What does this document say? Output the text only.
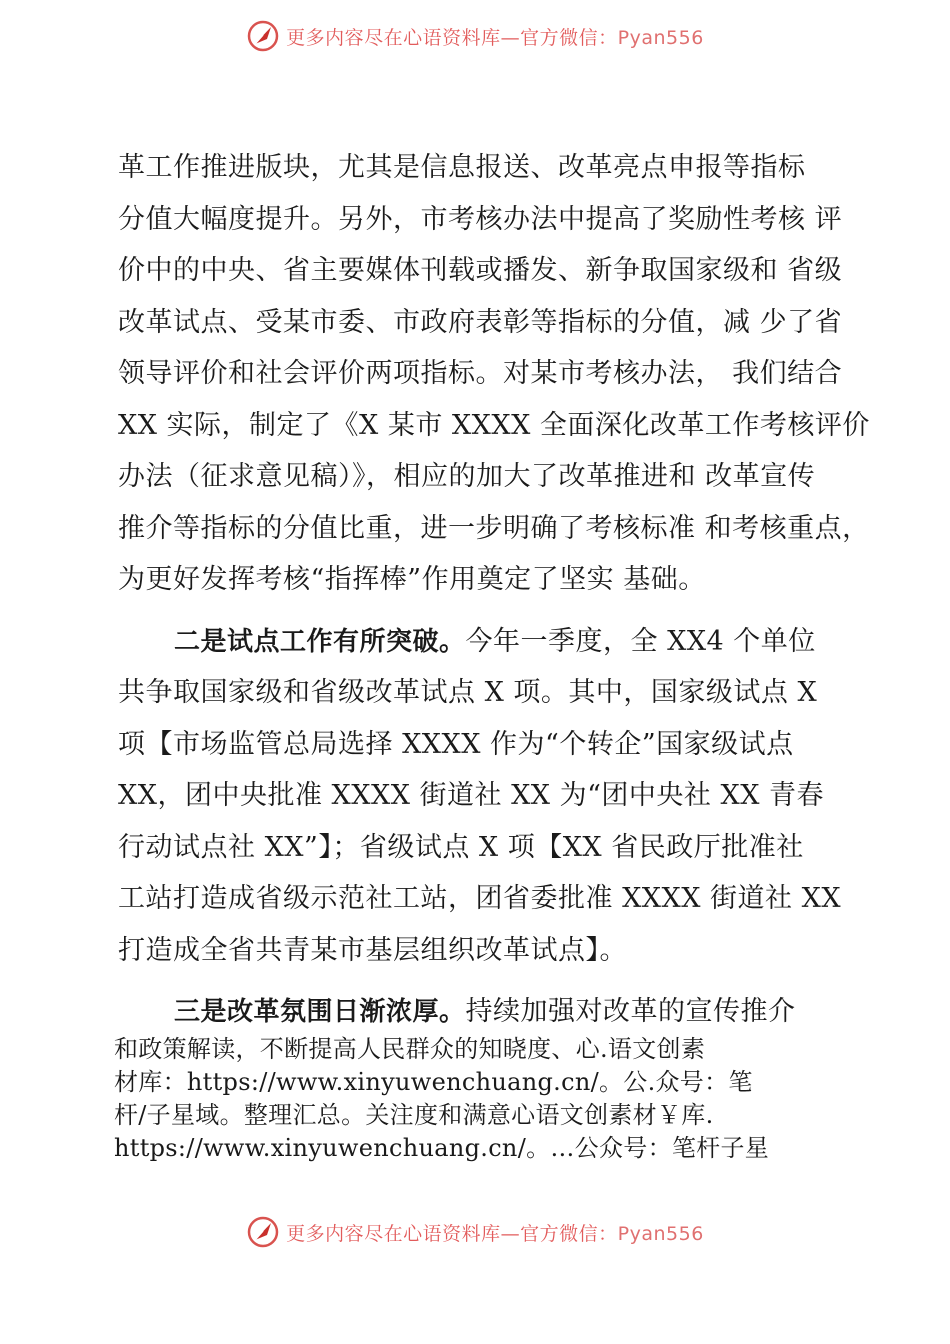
更多内容尽在心语资料库—官方微信：Pyan556
革工作推进版块，尤其是信息报送、改革亮点申报等指标
分值大幅度提升。另外，市考核办法中提高了奖励性考核 评
价中的中央、省主要媒体刊载或播发、新争取国家级和 省级
改革试点、受某市委、市政府表彰等指标的分值，减 少了省
领导评价和社会评价两项指标。对某市考核办法， 我们结合
XX 实际，制定了《X 某市 XXXX 全面深化改革工作考核评价
办法（征求意见稿）》，相应的加大了改革推进和 改革宣传
推介等指标的分值比重，进一步明确了考核标准 和考核重点，
为更好发挥考核“指挥棒”作用奠定了坚实 基础。
二是试点工作有所突破。今年一季度，全 XX4 个单位
共争取国家级和省级改革试点 X 项。其中，国家级试点 X
项【市场监管总局选择 XXXX 作为“个转企”国家级试点
XX，团中央批准 XXXX 街道社 XX 为“团中央社 XX 青春
行动试点社 XX”】；省级试点 X 项【XX 省民政厅批准社
工站打造成省级示范社工站，团省委批准 XXXX 街道社 XX
打造成全省共青某市基层组织改革试点】。
三是改革氛围日渐浓厚。持续加强对改革的宣传推介
和政策解读，不断提高人民群众的知晓度、心.语文创素
材库：https://www.xinyuwenchuang.cn/。公.众号：笔
杆/子星域。整理汇总。关注度和满意心语文创素材￥库.
https://www.xinyuwenchuang.cn/。…公众号：笔杆子星
更多内容尽在心语资料库—官方微信：Pyan556
